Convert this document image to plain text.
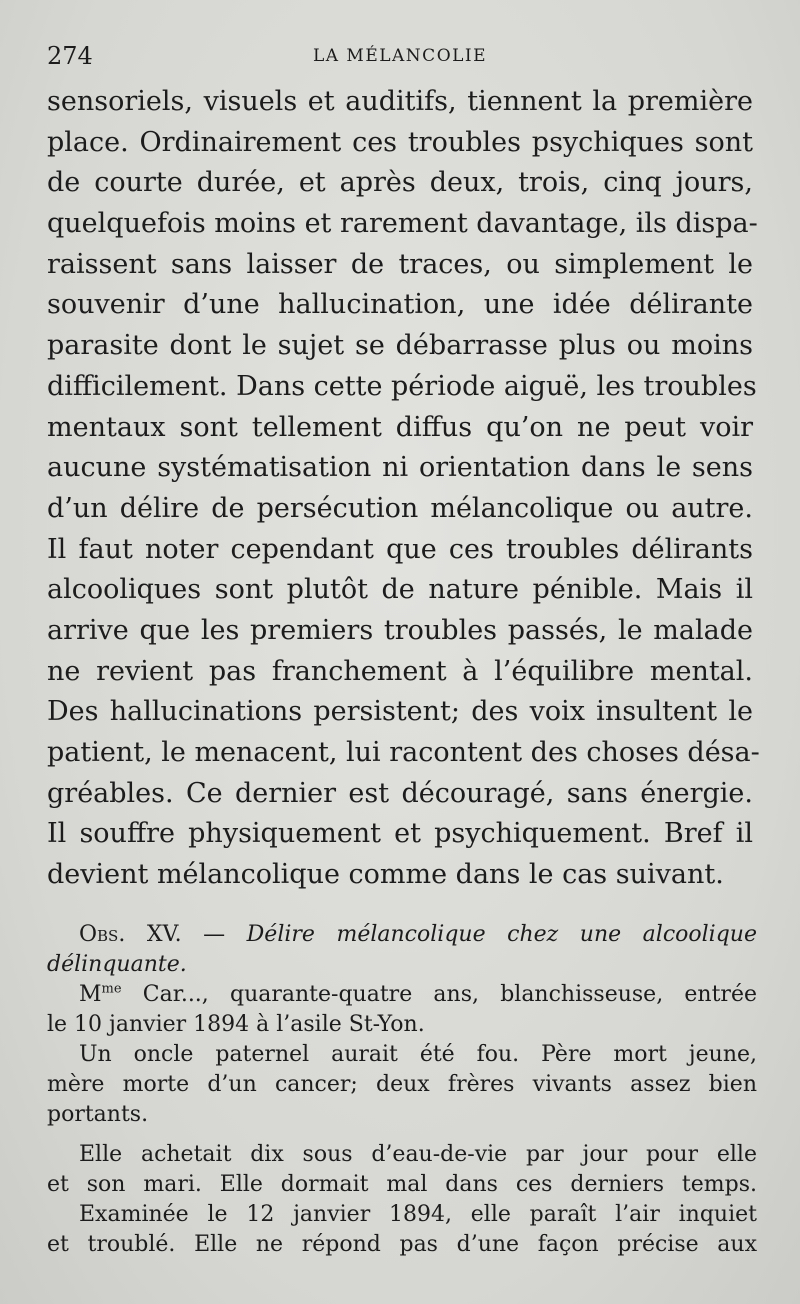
274	LA MÉLANCOLIE
sensoriels, visuels et auditifs, tiennent la première
place. Ordinairement ces troubles psychiques sont
de courte durée, et après deux, trois, cinq jours,
quelquefois moins et rarement davantage, ils dispa-
raissent sans laisser de traces, ou simplement le
souvenir d’une hallucination, une idée délirante
parasite dont le sujet se débarrasse plus ou moins
difficilement. Dans cette période aiguë, les troubles
mentaux sont tellement diffus qu’on ne peut voir
aucune systématisation ni orientation dans le sens
d’un délire de persécution mélancolique ou autre.
Il faut noter cependant que ces troubles délirants
alcooliques sont plutôt de nature pénible. Mais il
arrive que les premiers troubles passés, le malade
ne revient pas franchement à l’équilibre mental.
Des hallucinations persistent; des voix insultent le
patient, le menacent, lui racontent des choses désa-
gréables. Ce dernier est découragé, sans énergie.
Il souffre physiquement et psychiquement. Bref il
devient mélancolique comme dans le cas suivant.
Obs. XV. — Délire mélancolique chez une alcoolique
délinquante.
$M^{me}$ Car..., quarante-quatre ans, blanchisseuse, entrée
le 10 janvier 1894 à l’asile St-Yon.
Un oncle paternel aurait été fou. Père mort jeune,
mère morte d’un cancer; deux frères vivants assez bien
portants.
Elle achetait dix sous d’eau-de-vie par jour pour elle
et son mari. Elle dormait mal dans ces derniers temps.
Examinée le 12 janvier 1894, elle paraît l’air inquiet
et troublé. Elle ne répond pas d’une façon précise aux
